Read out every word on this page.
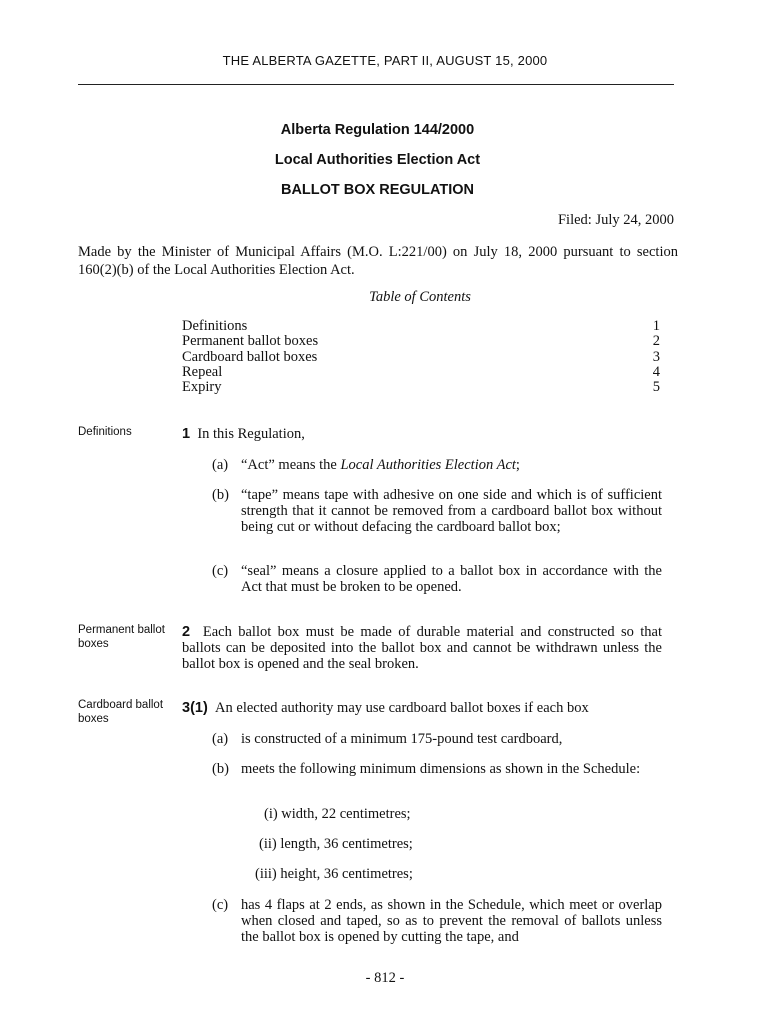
THE ALBERTA GAZETTE, PART II, AUGUST 15, 2000
Alberta Regulation 144/2000
Local Authorities Election Act
BALLOT BOX REGULATION
Filed: July 24, 2000
Made by the Minister of Municipal Affairs (M.O. L:221/00) on July 18, 2000 pursuant to section 160(2)(b) of the Local Authorities Election Act.
Table of Contents
Definitions	1
Permanent ballot boxes	2
Cardboard ballot boxes	3
Repeal	4
Expiry	5
Definitions	1 In this Regulation,
(a) “Act” means the Local Authorities Election Act;
(b) “tape” means tape with adhesive on one side and which is of sufficient strength that it cannot be removed from a cardboard ballot box without being cut or without defacing the cardboard ballot box;
(c) “seal” means a closure applied to a ballot box in accordance with the Act that must be broken to be opened.
Permanent ballot boxes
2 Each ballot box must be made of durable material and constructed so that ballots can be deposited into the ballot box and cannot be withdrawn unless the ballot box is opened and the seal broken.
Cardboard ballot boxes
3(1) An elected authority may use cardboard ballot boxes if each box
(a) is constructed of a minimum 175-pound test cardboard,
(b) meets the following minimum dimensions as shown in the Schedule:
(i) width, 22 centimetres;
(ii) length, 36 centimetres;
(iii) height, 36 centimetres;
(c) has 4 flaps at 2 ends, as shown in the Schedule, which meet or overlap when closed and taped, so as to prevent the removal of ballots unless the ballot box is opened by cutting the tape, and
- 812 -
